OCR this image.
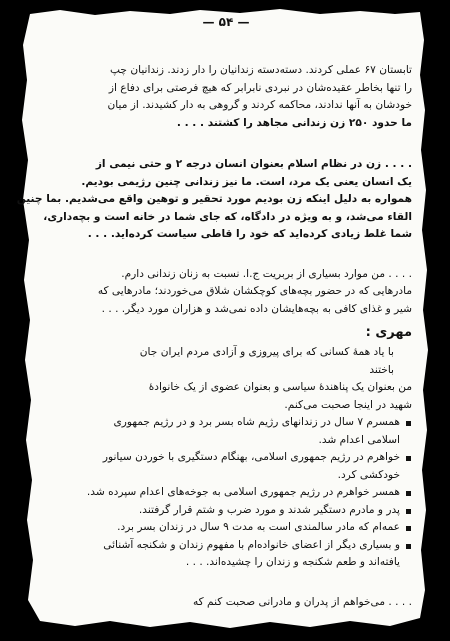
— ۵۴ —
تابستان ۶۷ عملی کردند. دسته‌دسته زندانیان را دار زدند. زندانیان چپ
را تنها بخاطر عقیده‌شان در نبردی نابرابر که هیچ فرصتی برای دفاع از
خودشان به آنها ندادند، محاکمه کردند و گروهی به دار کشیدند. از میان
ما حدود ۲۵۰ زن زندانی مجاهد را کشتند . . . .
. . . . زن در نظام اسلام بعنوان انسان درجه ۲ و حتی نیمی از
یک انسان یعنی یک مرد، است. ما نیز زندانی چنین رژیمی بودیم.
همواره به دلیل اینکه زن بودیم مورد تحقیر و توهین واقع می‌شدیم. بما چنین
القاء می‌شد، و به ویژه در دادگاه، که جای شما در خانه است و بچه‌داری،
شما غلط زیادی کرده‌اید که خود را قاطی سیاست کرده‌اید. . . .
. . . . من موارد بسیاری از بربریت ج.ا. نسبت به زنان زندانی دارم.
مادرهایی که در حضور بچه‌های کوچکشان شلاق می‌خوردند؛ مادرهایی که
شیر و غذای کافی به بچه‌هایشان داده نمی‌شد و هزاران مورد دیگر. . . .
مهری :
با یاد همهٔ کسانی که برای پیروزی و آزادی مردم ایران جان
باختند
من بعنوان یک پناهندهٔ سیاسی و بعنوان عضوی از یک خانوادهٔ
شهید در اینجا صحبت می‌کنم.
همسرم ۷ سال در زندانهای رژیم شاه بسر برد و در رژیم جمهوری
اسلامی اعدام شد.
خواهرم در رژیم جمهوری اسلامی، بهنگام دستگیری با خوردن سیانور
خودکشی کرد.
همسر خواهرم در رژیم جمهوری اسلامی به جوخه‌های اعدام سپرده شد.
پدر و مادرم دستگیر شدند و مورد ضرب و شتم قرار گرفتند.
عمه‌ام که مادر سالمندی است به مدت ۹ سال در زندان بسر برد.
و بسیاری دیگر از اعضای خانواده‌ام با مفهوم زندان و شکنجه آشنائی
یافته‌اند و طعم شکنجه و زندان را چشیده‌اند. . . .
. . . . می‌خواهم از پدران و مادرانی صحبت کنم که
